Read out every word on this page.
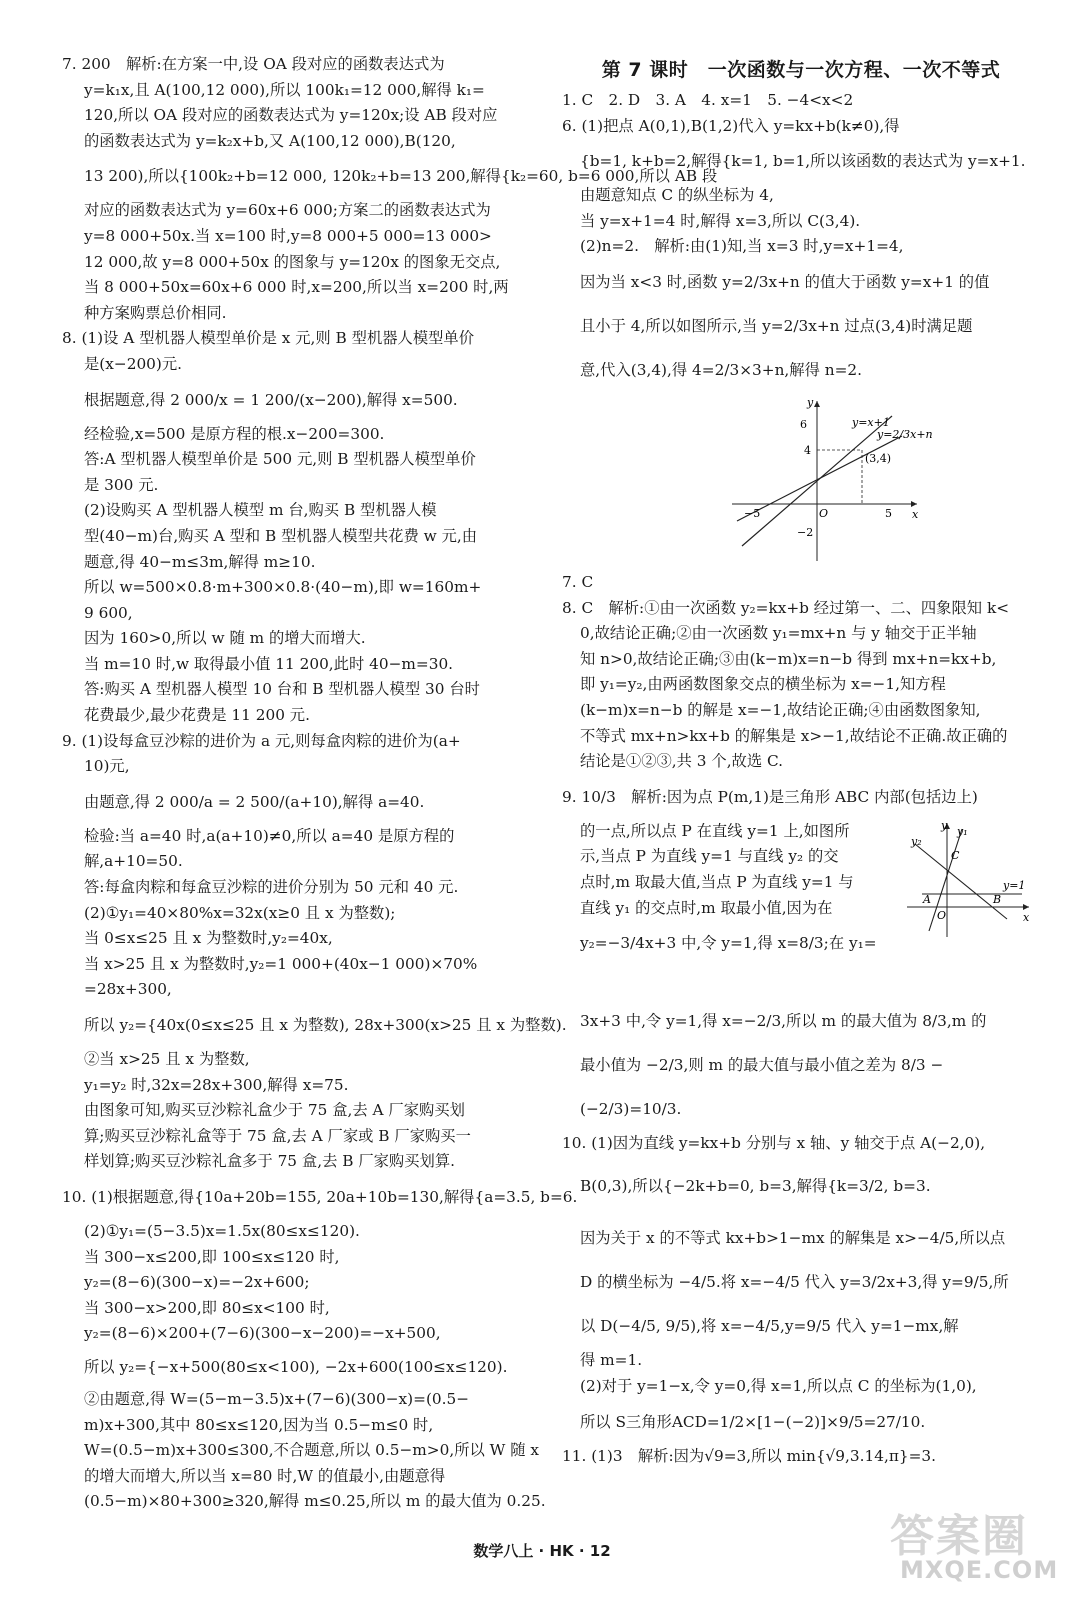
7. 200　解析:在方案一中,设 OA 段对应的函数表达式为
y=k₁x,且 A(100,12 000),所以 100k₁=12 000,解得 k₁=
120,所以 OA 段对应的函数表达式为 y=120x;设 AB 段对应
的函数表达式为 y=k₂x+b,又 A(100,12 000),B(120,
13 200),所以{100k₂+b=12 000, 120k₂+b=13 200,解得{k₂=60, b=6 000,所以 AB 段
对应的函数表达式为 y=60x+6 000;方案二的函数表达式为
y=8 000+50x.当 x=100 时,y=8 000+5 000=13 000>
12 000,故 y=8 000+50x 的图象与 y=120x 的图象无交点,
当 8 000+50x=60x+6 000 时,x=200,所以当 x=200 时,两
种方案购票总价相同.
8. (1)设 A 型机器人模型单价是 x 元,则 B 型机器人模型单价
是(x−200)元.
根据题意,得 2 000/x = 1 200/(x−200),解得 x=500.
经检验,x=500 是原方程的根.x−200=300.
答:A 型机器人模型单价是 500 元,则 B 型机器人模型单价
是 300 元.
(2)设购买 A 型机器人模型 m 台,购买 B 型机器人模
型(40−m)台,购买 A 型和 B 型机器人模型共花费 w 元,由
题意,得 40−m≤3m,解得 m≥10.
所以 w=500×0.8·m+300×0.8·(40−m),即 w=160m+
9 600,
因为 160>0,所以 w 随 m 的增大而增大.
当 m=10 时,w 取得最小值 11 200,此时 40−m=30.
答:购买 A 型机器人模型 10 台和 B 型机器人模型 30 台时
花费最少,最少花费是 11 200 元.
9. (1)设每盒豆沙粽的进价为 a 元,则每盒肉粽的进价为(a+
10)元,
由题意,得 2 000/a = 2 500/(a+10),解得 a=40.
检验:当 a=40 时,a(a+10)≠0,所以 a=40 是原方程的
解,a+10=50.
答:每盒肉粽和每盒豆沙粽的进价分别为 50 元和 40 元.
(2)①y₁=40×80%x=32x(x≥0 且 x 为整数);
当 0≤x≤25 且 x 为整数时,y₂=40x,
当 x>25 且 x 为整数时,y₂=1 000+(40x−1 000)×70%
=28x+300,
所以 y₂={40x(0≤x≤25 且 x 为整数), 28x+300(x>25 且 x 为整数).
②当 x>25 且 x 为整数,
y₁=y₂ 时,32x=28x+300,解得 x=75.
由图象可知,购买豆沙粽礼盒少于 75 盒,去 A 厂家购买划
算;购买豆沙粽礼盒等于 75 盒,去 A 厂家或 B 厂家购买一
样划算;购买豆沙粽礼盒多于 75 盒,去 B 厂家购买划算.
10. (1)根据题意,得{10a+20b=155, 20a+10b=130,解得{a=3.5, b=6.
(2)①y₁=(5−3.5)x=1.5x(80≤x≤120).
当 300−x≤200,即 100≤x≤120 时,
y₂=(8−6)(300−x)=−2x+600;
当 300−x>200,即 80≤x<100 时,
y₂=(8−6)×200+(7−6)(300−x−200)=−x+500,
所以 y₂={−x+500(80≤x<100), −2x+600(100≤x≤120).
②由题意,得 W=(5−m−3.5)x+(7−6)(300−x)=(0.5−
m)x+300,其中 80≤x≤120,因为当 0.5−m≤0 时,
W=(0.5−m)x+300≤300,不合题意,所以 0.5−m>0,所以 W 随 x
的增大而增大,所以当 x=80 时,W 的值最小,由题意得
(0.5−m)×80+300≥320,解得 m≤0.25,所以 m 的最大值为 0.25.
第 7 课时　一次函数与一次方程、一次不等式
1. C　2. D　3. A　4. x=1　5. −4<x<2
6. (1)把点 A(0,1),B(1,2)代入 y=kx+b(k≠0),得
{b=1, k+b=2,解得{k=1, b=1,所以该函数的表达式为 y=x+1.
由题意知点 C 的纵坐标为 4,
当 y=x+1=4 时,解得 x=3,所以 C(3,4).
(2)n=2.　解析:由(1)知,当 x=3 时,y=x+1=4,
因为当 x<3 时,函数 y=2/3x+n 的值大于函数 y=x+1 的值
且小于 4,所以如图所示,当 y=2/3x+n 过点(3,4)时满足题
意,代入(3,4),得 4=2/3×3+n,解得 n=2.
y
x
6
4
−2
−5	5
O
y=x+1
y=2/3x+n
(3,4)
7. C
8. C　解析:①由一次函数 y₂=kx+b 经过第一、二、四象限知 k<
0,故结论正确;②由一次函数 y₁=mx+n 与 y 轴交于正半轴
知 n>0,故结论正确;③由(k−m)x=n−b 得到 mx+n=kx+b,
即 y₁=y₂,由两函数图象交点的横坐标为 x=−1,知方程
(k−m)x=n−b 的解是 x=−1,故结论正确;④由函数图象知,
不等式 mx+n>kx+b 的解集是 x>−1,故结论不正确.故正确的
结论是①②③,共 3 个,故选 C.
9. 10/3　解析:因为点 P(m,1)是三角形 ABC 内部(包括边上)
的一点,所以点 P 在直线 y=1 上,如图所
示,当点 P 为直线 y=1 与直线 y₂ 的交
点时,m 取最大值,当点 P 为直线 y=1 与
直线 y₁ 的交点时,m 取最小值,因为在
y₂=−3/4x+3 中,令 y=1,得 x=8/3;在 y₁=
y y₁
y₂
C
A	B
O
y=1
x
3x+3 中,令 y=1,得 x=−2/3,所以 m 的最大值为 8/3,m 的
最小值为 −2/3,则 m 的最大值与最小值之差为 8/3 −
(−2/3)=10/3.
10. (1)因为直线 y=kx+b 分别与 x 轴、y 轴交于点 A(−2,0),
B(0,3),所以{−2k+b=0, b=3,解得{k=3/2, b=3.
因为关于 x 的不等式 kx+b>1−mx 的解集是 x>−4/5,所以点
D 的横坐标为 −4/5.将 x=−4/5 代入 y=3/2x+3,得 y=9/5,所
以 D(−4/5, 9/5),将 x=−4/5,y=9/5 代入 y=1−mx,解
得 m=1.
(2)对于 y=1−x,令 y=0,得 x=1,所以点 C 的坐标为(1,0),
所以 S三角形ACD=1/2×[1−(−2)]×9/5=27/10.
11. (1)3　解析:因为√9=3,所以 min{√9,3.14,π}=3.
数学八上 · HK · 12	答案圈
MXQE.COM
